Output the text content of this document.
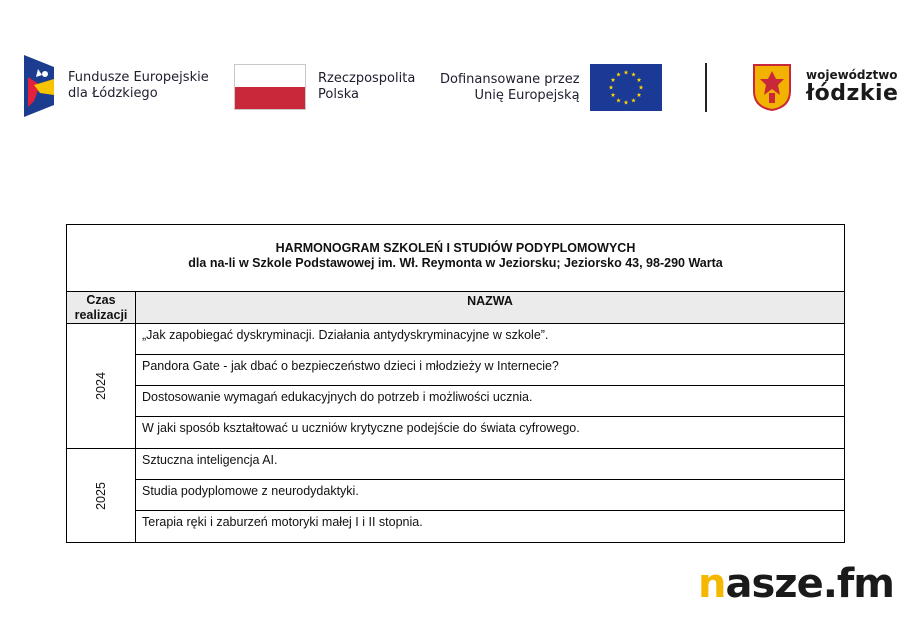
Fundusze Europejskie
dla Łódzkiego
Rzeczpospolita
Polska
Dofinansowane przez
Unię Europejską
województwo
łódzkie
HARMONOGRAM SZKOLEŃ I STUDIÓW PODYPLOMOWYCH
dla na-li w Szkole Podstawowej im. Wł. Reymonta w Jeziorsku; Jeziorsko 43, 98-290 Warta
Czas
realizacji
NAZWA
2024
„Jak zapobiegać dyskryminacji. Działania antydyskryminacyjne w szkole”.
Pandora Gate - jak dbać o bezpieczeństwo dzieci i młodzieży w Internecie?
Dostosowanie wymagań edukacyjnych do potrzeb i możliwości ucznia.
W jaki sposób kształtować u uczniów krytyczne podejście do świata cyfrowego.
2025
Sztuczna inteligencja AI.
Studia podyplomowe z neurodydaktyki.
Terapia ręki i zaburzeń motoryki małej I i II stopnia.
nasze.fm
